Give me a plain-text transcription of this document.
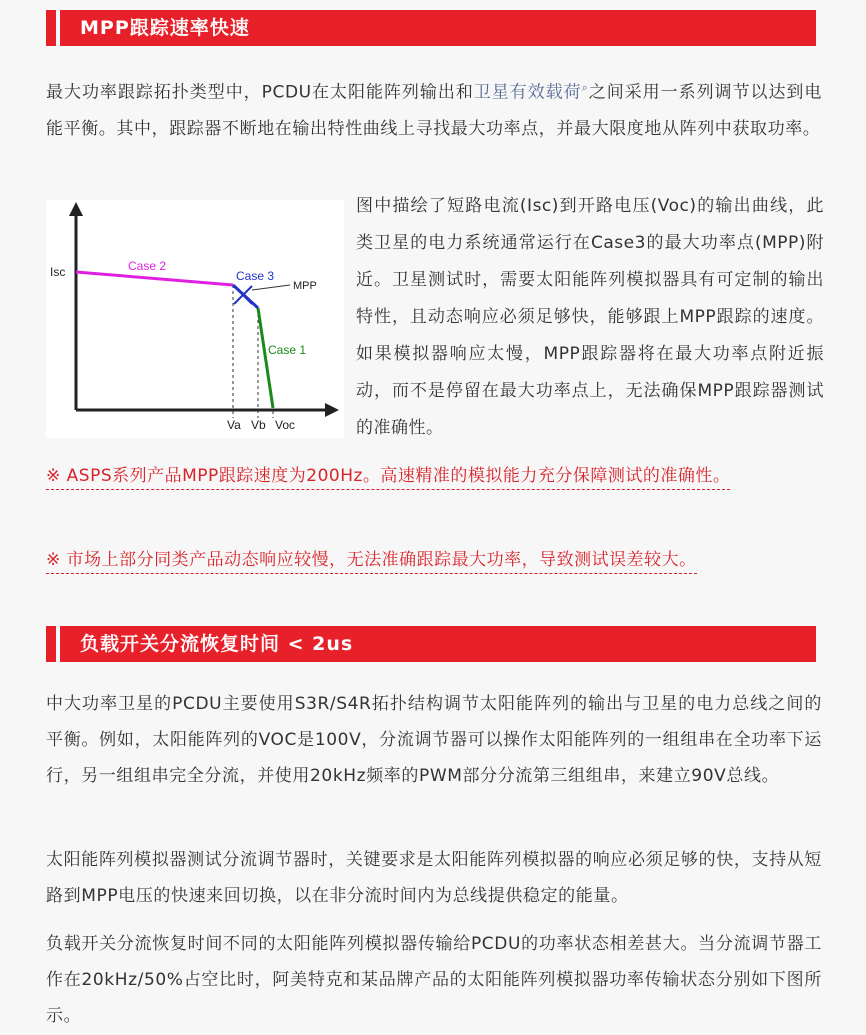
MPP跟踪速率快速
最大功率跟踪拓扑类型中，PCDU在太阳能阵列输出和卫星有效载荷⌕之间采用一系列调节以达到电能平衡。其中，跟踪器不断地在输出特性曲线上寻找最大功率点，并最大限度地从阵列中获取功率。
Isc	Case 2
Case 3
MPP
Case 1
Va Vb Voc
图中描绘了短路电流(Isc)到开路电压(Voc)的输出曲线，此类卫星的电力系统通常运行在Case3的最大功率点(MPP)附近。卫星测试时，需要太阳能阵列模拟器具有可定制的输出特性，且动态响应必须足够快，能够跟上MPP跟踪的速度。如果模拟器响应太慢，MPP跟踪器将在最大功率点附近振动，而不是停留在最大功率点上，无法确保MPP跟踪器测试的准确性。
※ ASPS系列产品MPP跟踪速度为200Hz。高速精准的模拟能力充分保障测试的准确性。
※ 市场上部分同类产品动态响应较慢，无法准确跟踪最大功率，导致测试误差较大。
负载开关分流恢复时间 < 2us
中大功率卫星的PCDU主要使用S3R/S4R拓扑结构调节太阳能阵列的输出与卫星的电力总线之间的平衡。例如，太阳能阵列的VOC是100V，分流调节器可以操作太阳能阵列的一组组串在全功率下运行，另一组组串完全分流，并使用20kHz频率的PWM部分分流第三组组串，来建立90V总线。
太阳能阵列模拟器测试分流调节器时，关键要求是太阳能阵列模拟器的响应必须足够的快，支持从短路到MPP电压的快速来回切换，以在非分流时间内为总线提供稳定的能量。
负载开关分流恢复时间不同的太阳能阵列模拟器传输给PCDU的功率状态相差甚大。当分流调节器工作在20kHz/50%占空比时，阿美特克和某品牌产品的太阳能阵列模拟器功率传输状态分别如下图所示。
